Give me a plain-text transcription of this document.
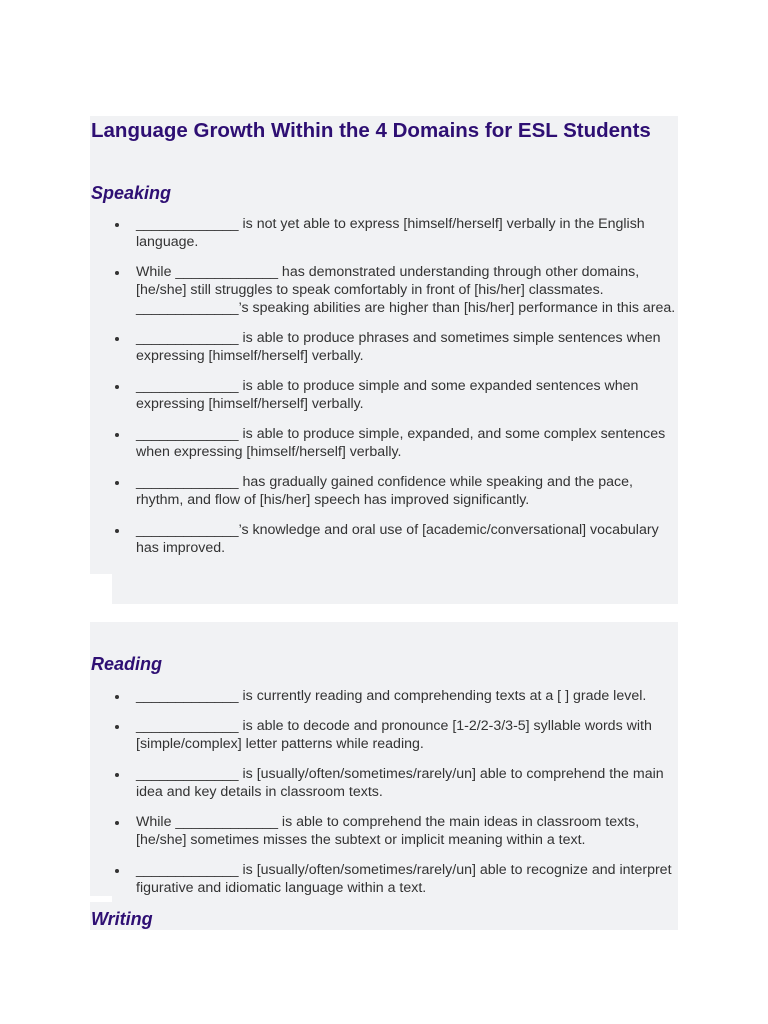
Language Growth Within the 4 Domains for ESL Students
Speaking
_____________ is not yet able to express [himself/herself] verbally in the English language.
While _____________ has demonstrated understanding through other domains, [he/she] still struggles to speak comfortably in front of [his/her] classmates. _____________’s speaking abilities are higher than [his/her] performance in this area.
_____________ is able to produce phrases and sometimes simple sentences when expressing [himself/herself] verbally.
_____________ is able to produce simple and some expanded sentences when expressing [himself/herself] verbally.
_____________ is able to produce simple, expanded, and some complex sentences when expressing [himself/herself] verbally.
_____________ has gradually gained confidence while speaking and the pace, rhythm, and flow of [his/her] speech has improved significantly.
_____________’s knowledge and oral use of [academic/conversational] vocabulary has improved.
Reading
_____________ is currently reading and comprehending texts at a [ ] grade level.
_____________ is able to decode and pronounce [1-2/2-3/3-5] syllable words with [simple/complex] letter patterns while reading.
_____________ is [usually/often/sometimes/rarely/un] able to comprehend the main idea and key details in classroom texts.
While _____________ is able to comprehend the main ideas in classroom texts, [he/she] sometimes misses the subtext or implicit meaning within a text.
_____________ is [usually/often/sometimes/rarely/un] able to recognize and interpret figurative and idiomatic language within a text.
Writing
